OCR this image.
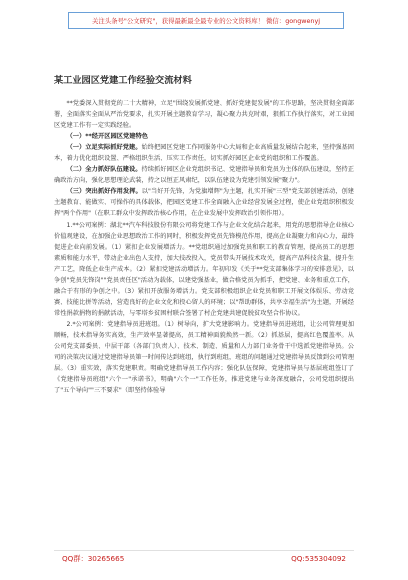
关注头条号"公文研究"，获得最新最全最专业的公文资料库！ 微信：gongwenyj
某工业园区党建工作经验交流材料

**党委深入贯彻党的二十大精神，立足"围绕发展抓党建、抓好党建促发展"的工作思路，坚决贯彻全面部署，全面落实全面从严治党要求，扎实开展主题教育学习，凝心聚力共克时艰，狠抓工作执行落实，对工业园区党建工作有一定实践经验。

（一）**经开区园区党建特色

（一）立足实际抓好党建。始终把园区党建工作同服务中心大局和企业高质量发展结合起来，坚持强基固本，着力优化组织设置、严格组织生活、压实工作责任，切实抓好园区企业党的组织和工作覆盖。

（二）全力抓好队伍建设。持续抓好园区企业党组织书记、党建指导员和党员为主体的队伍建设，坚持正确政治方向，强化思想理论武装，持之以恒正风肃纪，以队伍建设为党建引领发展"聚力"。

（三）突出抓好作用发挥。以"当好开先锋，为党旗增辉"为主题，扎实开展"三型"党支部创建活动，创建主题教育、能做实、可操作的具体载体，把园区党建工作全面融入企业经营发展全过程，使企业党组织积极发挥"两个作用"（在职工群众中发挥政治核心作用，在企业发展中发挥政治引领作用）。

1.**公司案例：湖北**汽车科技股份有限公司将党建工作与企业文化结合起来，用党的思想指导企业核心价值观建设，在加强企业思想政治工作的同时，积极发挥党员先锋模范作用，提高企业凝聚力和向心力，最终促进企业向前发展。（1）紧扣企业发展增活力。**党组织通过加强党员和职工的教育管理，提高员工的思想素质和能力水平，带动企业出色人支持，加大技改投入，党员带头开展技术攻关，提高产品科技含量，提升生产工艺，降低企业生产成本。（2）紧扣党建活动增活力。年初印发《关于**党支部集体学习的安排意见》，以争创"党员先锋岗""党员责任区"活动为载体，以建党强基业，做合格党员为抓手，把党建、业务和重点工作，融合于有形的争创之中。（3）紧扣开放服务增活力。党支部积极组织企业党员和职工开展文体娱乐、劳动竞赛、技能比拼等活动，营造良好的企业文化和投心留人的环境；以"帮助群体，共享幸福生活"为主题，开展经常性捐款捐物的捐献活动，与零塔乡贫困村联合签署了村企党建共建促脱贫攻坚合作协议。

2.*公司案例：党建指导员进班组。（1）树导向，扩大党建影响力。党建指导员进班组，让公司管理更加顺畅，技术指导务实高效，生产效率显著提高，员工精神面貌焕然一新。（2）抓基层，提高红色覆盖率。从公司党支部委员、中层干部（各部门负责人）、技术、制造、质量和人力部门业务骨干中选派党建指导员。公司的决策决议通过党建指导员第一时间传达到班组，执行到班组，班组的问题通过党建指导员反馈到公司管理层。（3）重实效，落实党建职责。明确党建指导员工作内容；强化队伍保障，党建指导员与基层班组签订了《党建指导员班组"六个一"承诺书》，明确"六个一"工作任务，推进党建与业务深度融合，公司党组织提出了"五个导向""三不要求"（即坚持体验导

QQ群：30265665	QQ:535304092
